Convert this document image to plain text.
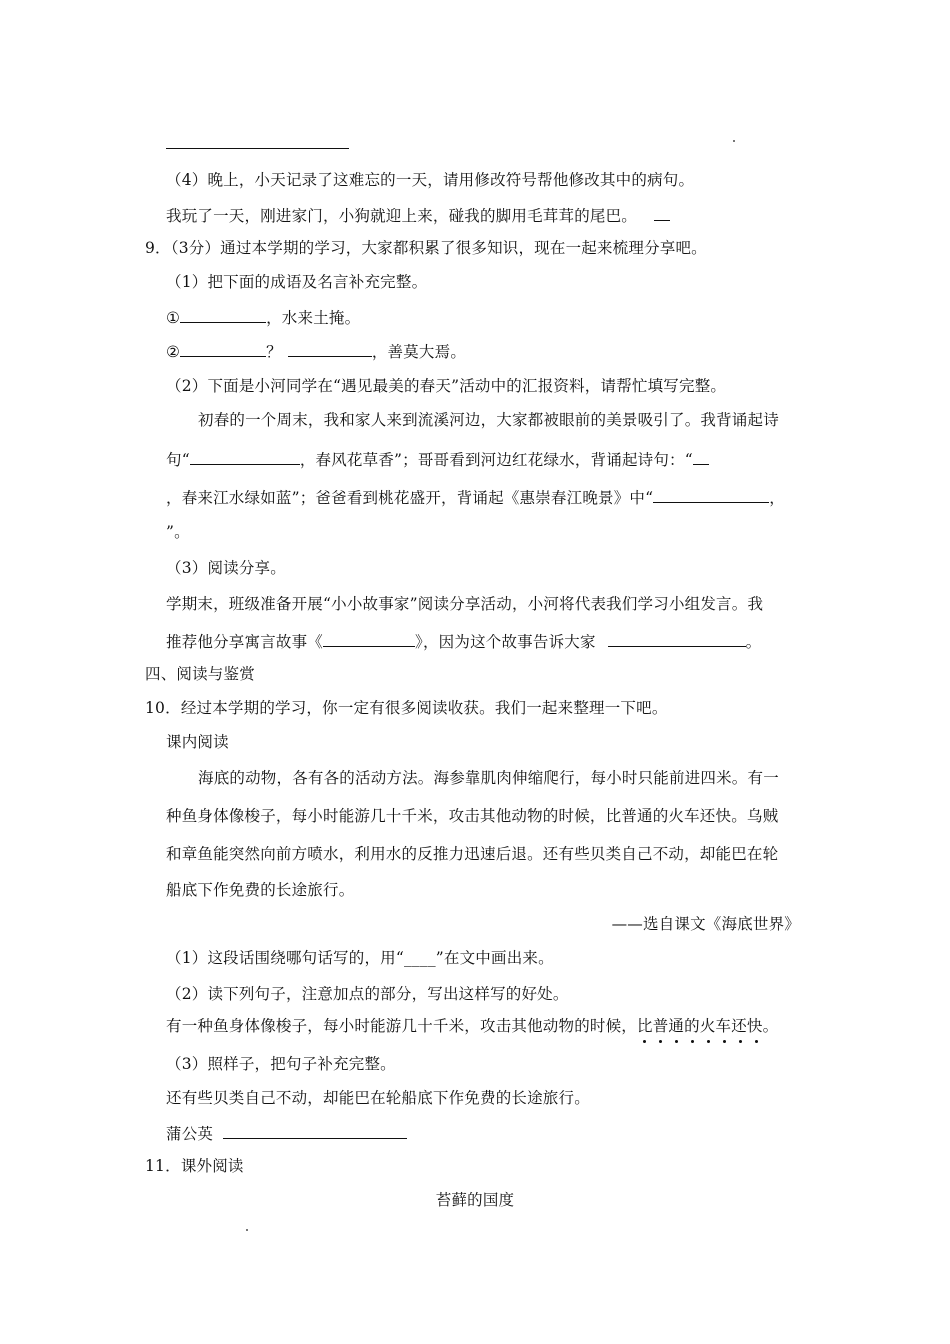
（4）晚上，小天记录了这难忘的一天，请用修改符号帮他修改其中的病句。
我玩了一天，刚进家门，小狗就迎上来，碰我的脚用毛茸茸的尾巴。
9．（3分）通过本学期的学习，大家都积累了很多知识，现在一起来梳理分享吧。
（1）把下面的成语及名言补充完整。
①	，水来土掩。
②	？	，善莫大焉。
（2）下面是小河同学在“遇见最美的春天”活动中的汇报资料，请帮忙填写完整。
初春的一个周末，我和家人来到流溪河边，大家都被眼前的美景吸引了。我背诵起诗
句“	，春风花草香”；哥哥看到河边红花绿水，背诵起诗句：“
，春来江水绿如蓝”；爸爸看到桃花盛开，背诵起《惠崇春江晚景》中“	，
”。
（3）阅读分享。
学期末，班级准备开展“小小故事家”阅读分享活动，小河将代表我们学习小组发言。我
推荐他分享寓言故事《	》，因为这个故事告诉大家	。
四、阅读与鉴赏
10．经过本学期的学习，你一定有很多阅读收获。我们一起来整理一下吧。
课内阅读
海底的动物，各有各的活动方法。海参靠肌肉伸缩爬行，每小时只能前进四米。有一
种鱼身体像梭子，每小时能游几十千米，攻击其他动物的时候，比普通的火车还快。乌贼
和章鱼能突然向前方喷水，利用水的反推力迅速后退。还有些贝类自己不动，却能巴在轮
船底下作免费的长途旅行。
——选自课文《海底世界》
（1）这段话围绕哪句话写的，用“____”在文中画出来。
（2）读下列句子，注意加点的部分，写出这样写的好处。
有一种鱼身体像梭子，每小时能游几十千米，攻击其他动物的时候，比普通的火车还快
。
（3）照样子，把句子补充完整。
还有些贝类自己不动，却能巴在轮船底下作免费的长途旅行。
蒲公英
11．课外阅读
苔藓的国度
